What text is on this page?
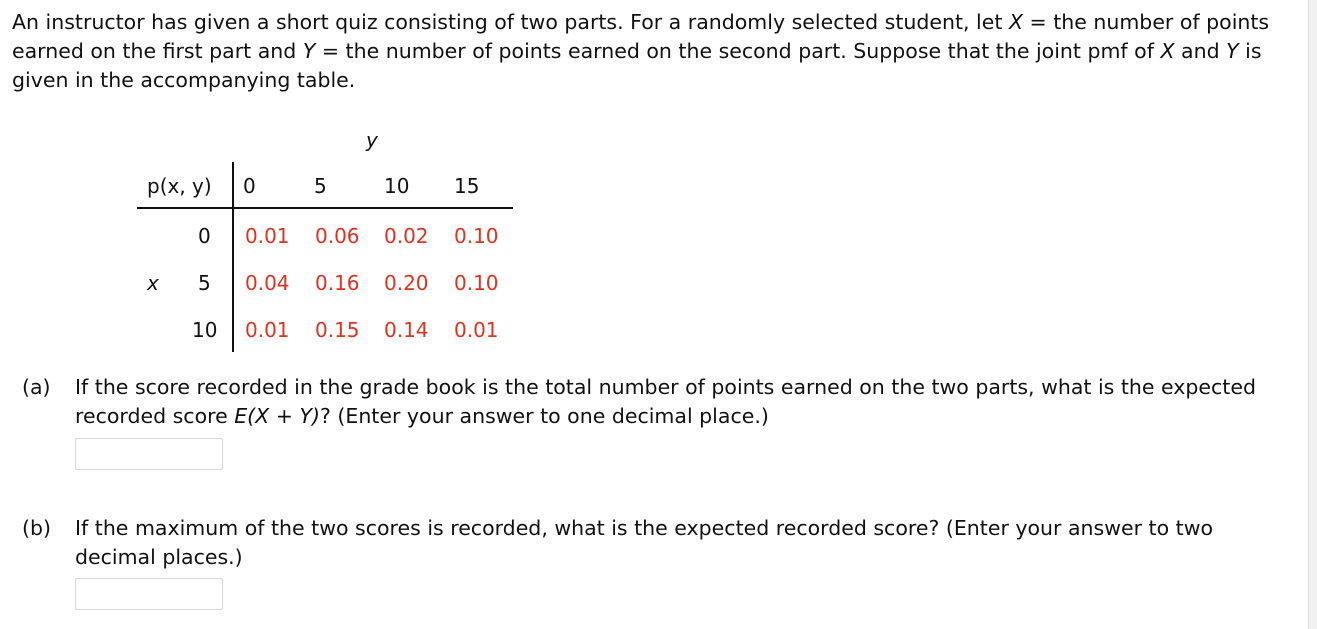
An instructor has given a short quiz consisting of two parts. For a randomly selected student, let X = the number of points earned on the first part and Y = the number of points earned on the second part. Suppose that the joint pmf of X and Y is given in the accompanying table.
y
p(x, y) 0	5	10 15
x
0
5
10
0.01 0.06 0.02 0.10
0.04 0.16 0.20 0.10
0.01 0.15 0.14 0.01
(a) If the score recorded in the grade book is the total number of points earned on the two parts, what is the expected recorded score E(X + Y)? (Enter your answer to one decimal place.)
(b) If the maximum of the two scores is recorded, what is the expected recorded score? (Enter your answer to two decimal places.)
